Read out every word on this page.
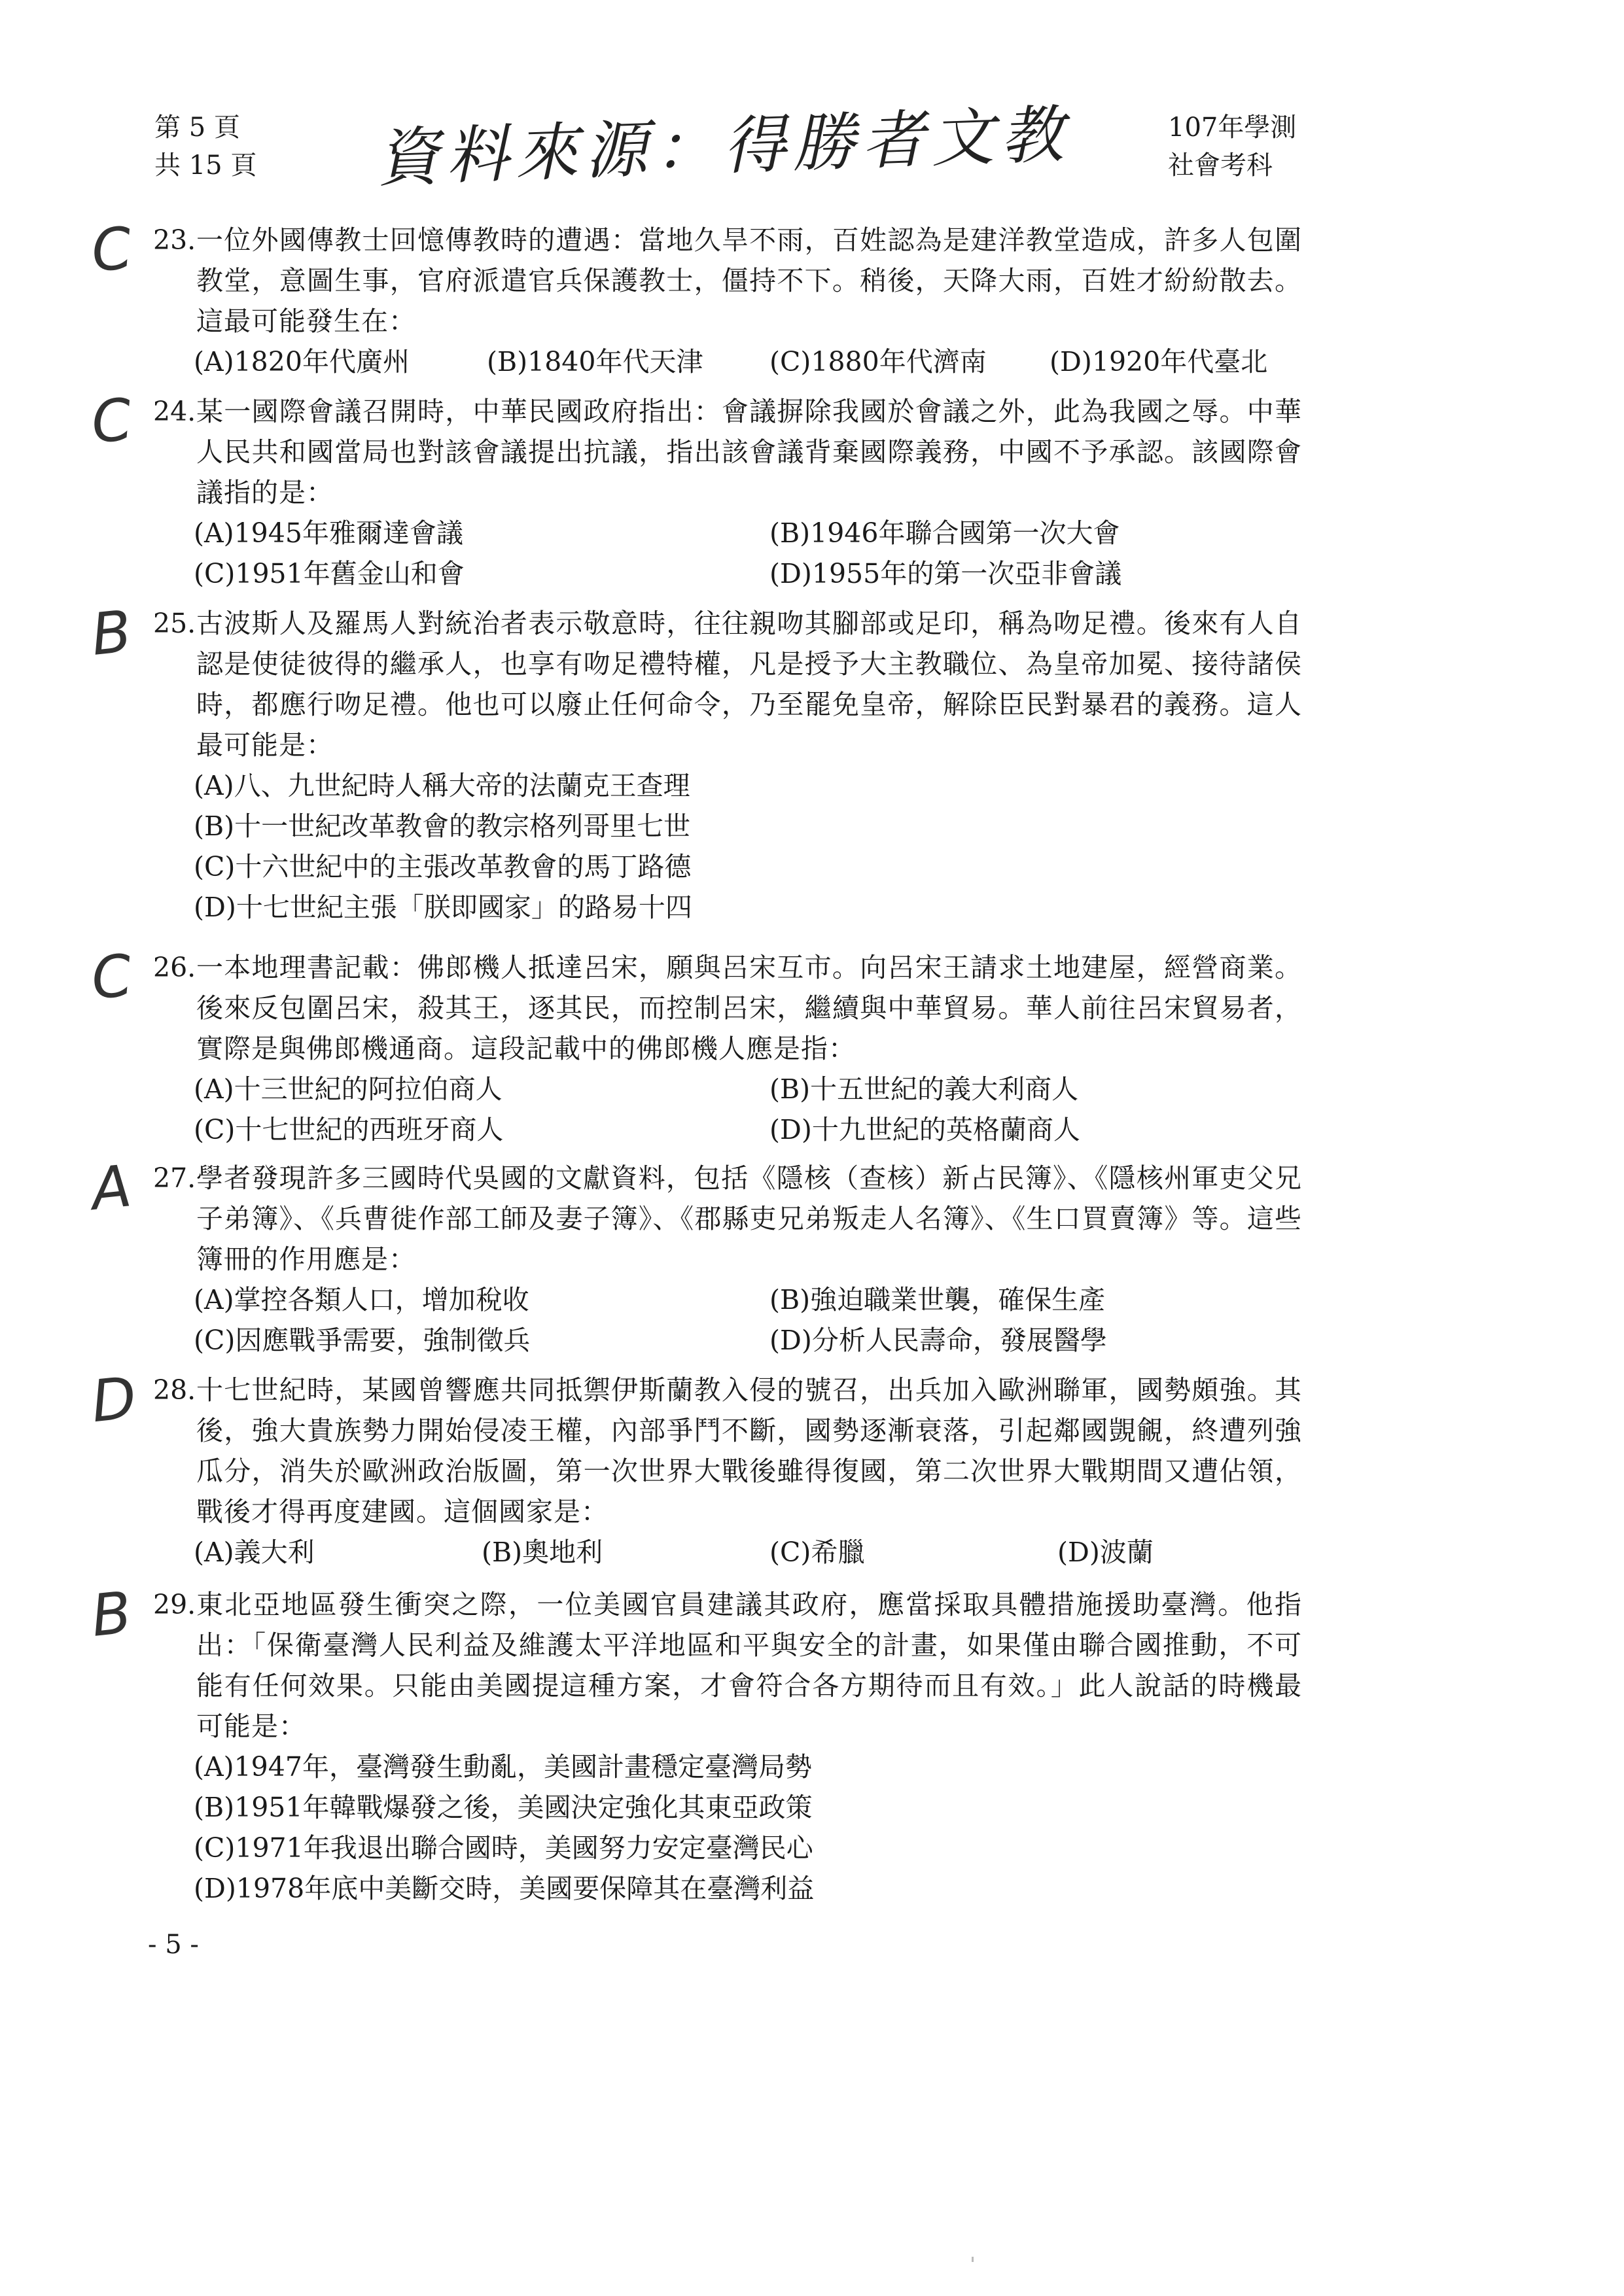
第 5 頁
共 15 頁 資料來源：得勝者文教	107年學測
社會考科
C 23. 一位外國傳教士回憶傳教時的遭遇：當地久旱不雨，百姓認為是建洋教堂造成，許多人包圍教堂，意圖生事，官府派遣官兵保護教士，僵持不下。稍後，天降大雨，百姓才紛紛散去。這最可能發生在：
(A)1820年代廣州	(B)1840年代天津 (C)1880年代濟南 (D)1920年代臺北
C 24. 某一國際會議召開時，中華民國政府指出：會議摒除我國於會議之外，此為我國之辱。中華人民共和國當局也對該會議提出抗議，指出該會議背棄國際義務，中國不予承認。該國際會議指的是：
(A)1945年雅爾達會議	(B)1946年聯合國第一次大會
(C)1951年舊金山和會	(D)1955年的第一次亞非會議
B 25. 古波斯人及羅馬人對統治者表示敬意時，往往親吻其腳部或足印，稱為吻足禮。後來有人自認是使徒彼得的繼承人，也享有吻足禮特權，凡是授予大主教職位、為皇帝加冕、接待諸侯時，都應行吻足禮。他也可以廢止任何命令，乃至罷免皇帝，解除臣民對暴君的義務。這人最可能是：
(A)八、九世紀時人稱大帝的法蘭克王查理
(B)十一世紀改革教會的教宗格列哥里七世
(C)十六世紀中的主張改革教會的馬丁路德
(D)十七世紀主張「朕即國家」的路易十四
C 26. 一本地理書記載：佛郎機人抵達呂宋，願與呂宋互市。向呂宋王請求土地建屋，經營商業。後來反包圍呂宋，殺其王，逐其民，而控制呂宋，繼續與中華貿易。華人前往呂宋貿易者，實際是與佛郎機通商。這段記載中的佛郎機人應是指：
(A)十三世紀的阿拉伯商人	(B)十五世紀的義大利商人
(C)十七世紀的西班牙商人	(D)十九世紀的英格蘭商人
A 27. 學者發現許多三國時代吳國的文獻資料，包括《隱核（查核）新占民簿》、《隱核州軍吏父兄子弟簿》、《兵曹徙作部工師及妻子簿》、《郡縣吏兄弟叛走人名簿》、《生口買賣簿》等。這些簿冊的作用應是：
(A)掌控各類人口，增加稅收	(B)強迫職業世襲，確保生產
(C)因應戰爭需要，強制徵兵	(D)分析人民壽命，發展醫學
D 28. 十七世紀時，某國曾響應共同抵禦伊斯蘭教入侵的號召，出兵加入歐洲聯軍，國勢頗強。其後，強大貴族勢力開始侵凌王權，內部爭鬥不斷，國勢逐漸衰落，引起鄰國覬覦，終遭列強瓜分，消失於歐洲政治版圖，第一次世界大戰後雖得復國，第二次世界大戰期間又遭佔領，戰後才得再度建國。這個國家是：
(A)義大利	(B)奧地利	(C)希臘	(D)波蘭
B 29. 東北亞地區發生衝突之際，一位美國官員建議其政府，應當採取具體措施援助臺灣。他指出：「保衛臺灣人民利益及維護太平洋地區和平與安全的計畫，如果僅由聯合國推動，不可能有任何效果。只能由美國提這種方案，才會符合各方期待而且有效。」此人說話的時機最可能是：
(A)1947年，臺灣發生動亂，美國計畫穩定臺灣局勢
(B)1951年韓戰爆發之後，美國決定強化其東亞政策
(C)1971年我退出聯合國時，美國努力安定臺灣民心
(D)1978年底中美斷交時，美國要保障其在臺灣利益
- 5 -
